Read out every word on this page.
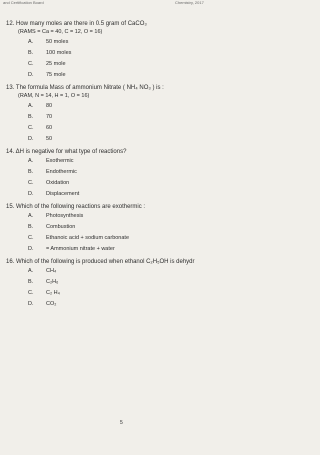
and Certification Board	Chemistry, 2017
12. How many moles are there in 0.5 gram of CaCO₃
(RAMS = Ca = 40, C = 12, O = 16)
A.	50 moles
B.	100 moles
C.	25 mole
D.	75 mole
13. The formula Mass of ammonium Nitrate ( NH₄ NO₃ ) is :
(RAM, N = 14, H = 1, O = 16)
A.	80
B.	70
C.	60
D.	50
14. ΔH is negative for what type of reactions?
A.	Exothermic
B.	Endothermic
C.	Oxidation
D.	Displacement
15. Which of the following reactions are exothermic :
A.	Photosynthesis
B.	Combustion
C.	Ethanoic acid + sodium carbonate
D.	= Ammonium nitrate + water
16. Which of the following is produced when ethanol C₂H₅OH is dehydr
A.	CH₄
B.	C₂H₆
C.	C₂ H₄
D.	CO₂
5
